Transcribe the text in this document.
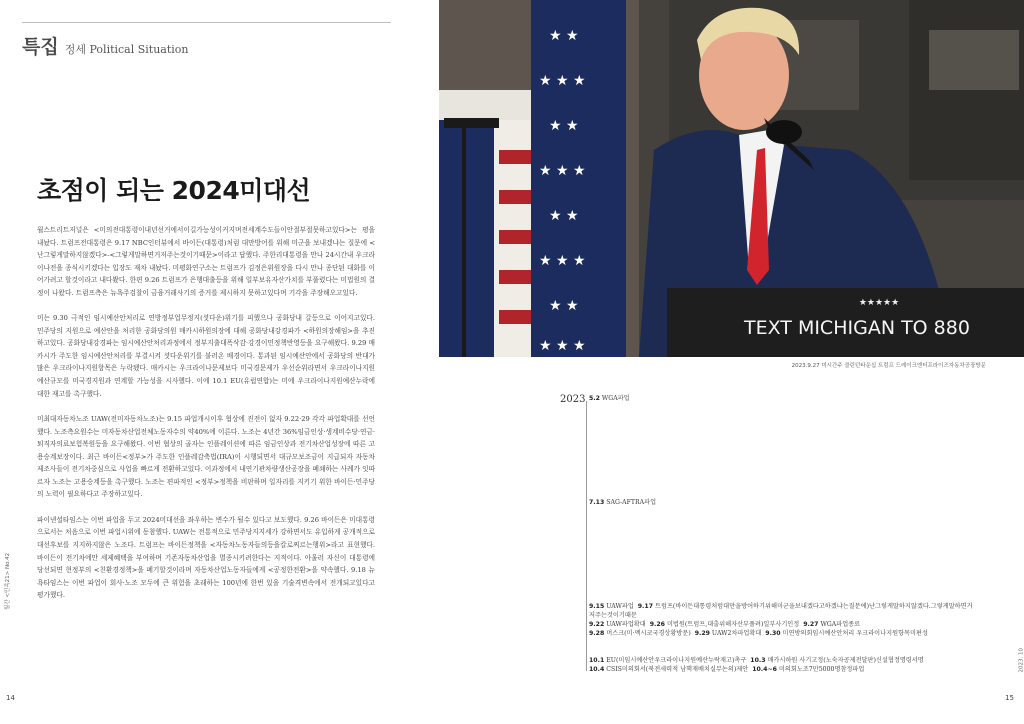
특집 정세 Political Situation
초점이 되는 2024미대선

월스트리트저널은 <미의전대통령이내년선거에서이길가능성이커지며전세계수도들이안절부절못하고있다>는 평을 내놨다. 트럼프전대통령은 9.17 NBC인터뷰에서 바이든(대통령)처럼 대만방어를 위해 미군을 보내겠냐는 질문에 <난그렇게말하지않겠다>-<그렇게말하면거저주는것이기때문>이라고 답했다. 주한리대통령을 만나 24시간내 우크라이나전을 종식시키겠다는 입장도 재차 내놨다. 미평화연구소는 트럼프가 김정은위원장을 다시 만나 종단된 대화를 이어가려고 할것이라고 내다봤다. 한편 9.26 트럼프가 은행대출등을 위해 일부보유자산가치를 부풀렸다는 미법원의 결정이 나왔다. 트럼프측은 뉴욕주검찰이 금융거래사기의 증거를 제시하지 못하고있다며 기각을 주장해오고있다.

미는 9.30 극적인 임시예산안처리로 연방정부업무정지(셧다운)위기를 피했으나 공화당내 갈등으로 이어지고있다. 민주당의 지원으로 예산안을 처리한 공화당의원 매카시하원의장에 대해 공화당내강경파가 <하원의장해임>을 추진하고있다. 공화당내강경파는 임시예산안처리과정에서 정부지출대폭삭감·강경이민정책반영등을 요구해왔다. 9.29 매카시가 주도한 임시예산안처리를 부결시켜 셧다운위기를 불러온 배경이다. 통과된 임시예산안에서 공화당의 반대가 많은 우크라이나지원항목은 누락됐다. 매카시는 우크라이나문제보다 미국경문제가 우선순위라면서 우크라이나지원예산규모를 미국경지원과 연계할 가능성을 시사했다. 이에 10.1 EU(유럽연합)는 미에 우크라이나지원예산누락에 대한 재고를 촉구했다.

미최대자동차노조 UAW(전미자동차노조)는 9.15 파업개시이후 협상에 진전이 없자 9.22·29 각각 파업확대를 선언했다. 노조측요원수는 미자동차산업전체노동자수의 약40%에 이른다. 노조는 4년간 36%임금인상·생계비수당·연금·퇴직자의료보험복원등을 요구해왔다. 이번 협상의 골자는 인플레이션에 따른 임금인상과 전기차산업성장에 따른 고용승계보장이다. 최근 바이든<정부>가 주도한 인플레감축법(IRA)이 시행되면서 대규모보조금이 지급되자 자동차제조사들이 전기차중심으로 사업을 빠르게 전환하고있다. 이과정에서 내연기관차량생산공장을 폐쇄하는 사례가 잇따르자 노조는 고용승계등을 촉구했다. 노조는 편파적인 <정부>정책을 비판하며 일자리를 지키기 위한 바이든·민주당의 노력이 필요하다고 주장하고있다.

파이낸셜타임스는 이번 파업을 두고 2024미대선을 좌우하는 변수가 될수 있다고 보도했다. 9.26 바이든은 미대통령으로서는 처음으로 이번 파업시위에 동참했다. UAW는 전통적으로 민주당지지세가 강하면서도 유입하게 공개적으로 대선후보를 지지하지않은 노조다. 트럼프는 바이든정책을 <자동차노동자들의등을칼로찌르는행위>라고 표현했다. 바이든이 전기차에만 세제혜택을 부여하며 기존자동차산업을 멸종시키려한다는 지적이다. 아울러 자신이 대통령에 당선되면 현정부의 <친환경정책>을 폐기할것이라며 자동차산업노동자들에게 <공정한전환>을 약속했다. 9.18 뉴욕타임스는 이번 파업이 회사·노조 모두에 큰 위험을 초래하는 100년에 한번 있을 기술격변속에서 전개되고있다고 평가했다.

월간 <민족21> No.42
14
★ ★
★ ★ ★
★ ★
★ ★ ★
★ ★
★ ★ ★
★ ★
★ ★ ★
★★★★★
TEXT MICHIGAN TO 880
2023.9.27 미시간주 클린턴타운십 트럼프 드레이크엔터프라이즈자동차공장방문
2023 5.2 WGA파업
7.13 SAG-AFTRA파업
9.15 UAW파업 9.17 트럼프(바이든대통령처럼대만을방어하기위해미군을보내겠다고하겠냐는질문에)난그렇게말하지않겠다.그렇게말하면거저주는것이기때문
9.22 UAW파업확대 9.26 미법원(트럼프,대출위해자산부풀려)일부사기인정 9.27 WGA파업종료
9.28 머스크(미·멕시코국경상황방문) 9.29 UAW2차파업확대 9.30 미연방의회임시예산안처리 우크라이나지원항목미편성
10.1 EU(미임시예산안우크라이나지원예산누락재고)촉구 10.3 매카시하원 사기고정(노숙자공제전달판)신설협정명령서명
10.4 CSIS미의회서(북전세력적 남핵재배치실무논의)제안 10.4~6 미의회노조7만5000명참정파업	2023. 10
15
